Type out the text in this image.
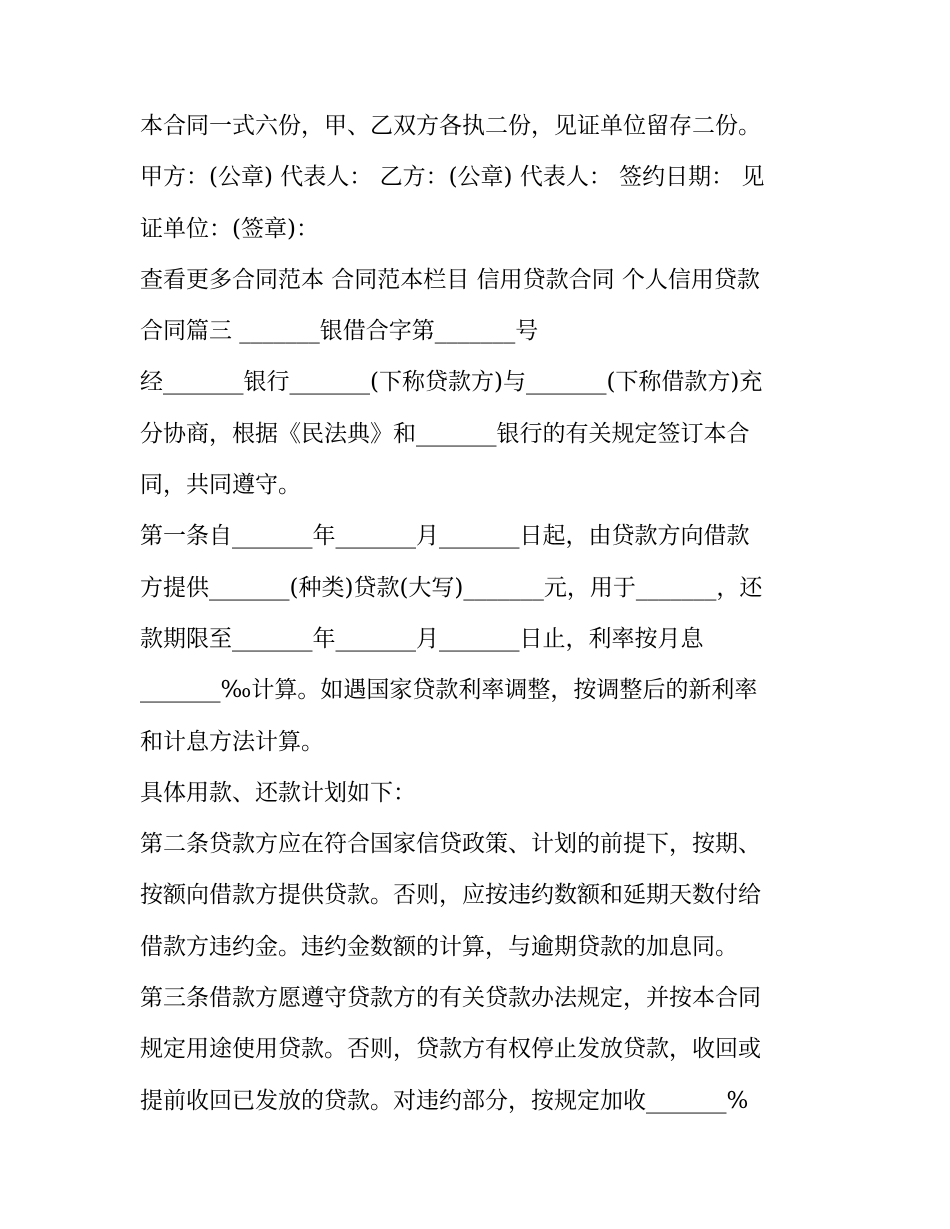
本合同一式六份，甲、乙双方各执二份，见证单位留存二份。
甲方：(公章) 代表人： 乙方：(公章) 代表人： 签约日期： 见
证单位：(签章)：
查看更多合同范本 合同范本栏目 信用贷款合同 个人信用贷款
合同篇三 _______银借合字第_______号
经_______银行_______(下称贷款方)与_______(下称借款方)充
分协商，根据《民法典》和_______银行的有关规定签订本合
同，共同遵守。
第一条自_______年_______月_______日起，由贷款方向借款
方提供_______(种类)贷款(大写)_______元，用于_______，还
款期限至_______年_______月_______日止，利率按月息
_______‰计算。如遇国家贷款利率调整，按调整后的新利率
和计息方法计算。
具体用款、还款计划如下：
第二条贷款方应在符合国家信贷政策、计划的前提下，按期、
按额向借款方提供贷款。否则，应按违约数额和延期天数付给
借款方违约金。违约金数额的计算，与逾期贷款的加息同。
第三条借款方愿遵守贷款方的有关贷款办法规定，并按本合同
规定用途使用贷款。否则，贷款方有权停止发放贷款，收回或
提前收回已发放的贷款。对违约部分，按规定加收_______%
